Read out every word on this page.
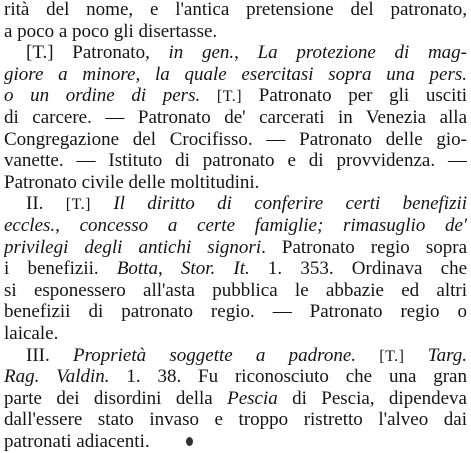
rità del nome, e l'antica pretensione del patronato,
a poco a poco gli disertasse.
[T.] Patronato, in gen., La protezione di mag-
giore a minore, la quale esercitasi sopra una pers.
o un ordine di pers. [T.] Patronato per gli usciti
di carcere. — Patronato de' carcerati in Venezia alla
Congregazione del Crocifisso. — Patronato delle gio-
vanette. — Istituto di patronato e di provvidenza. —
Patronato civile delle moltitudini.
II. [T.] Il diritto di conferire certi benefizii
eccles., concesso a certe famiglie; rimasuglio de'
privilegi degli antichi signori. Patronato regio sopra
i benefizii. Botta, Stor. It. 1. 353. Ordinava che
si esponessero all'asta pubblica le abbazie ed altri
benefizii di patronato regio. — Patronato regio o
laicale.
III. Proprietà soggette a padrone. [T.] Targ.
Rag. Valdin. 1. 38. Fu riconosciuto che una gran
parte dei disordini della Pescia di Pescia, dipendeva
dall'essere stato invaso e troppo ristretto l'alveo dai
patronati adiacenti.
